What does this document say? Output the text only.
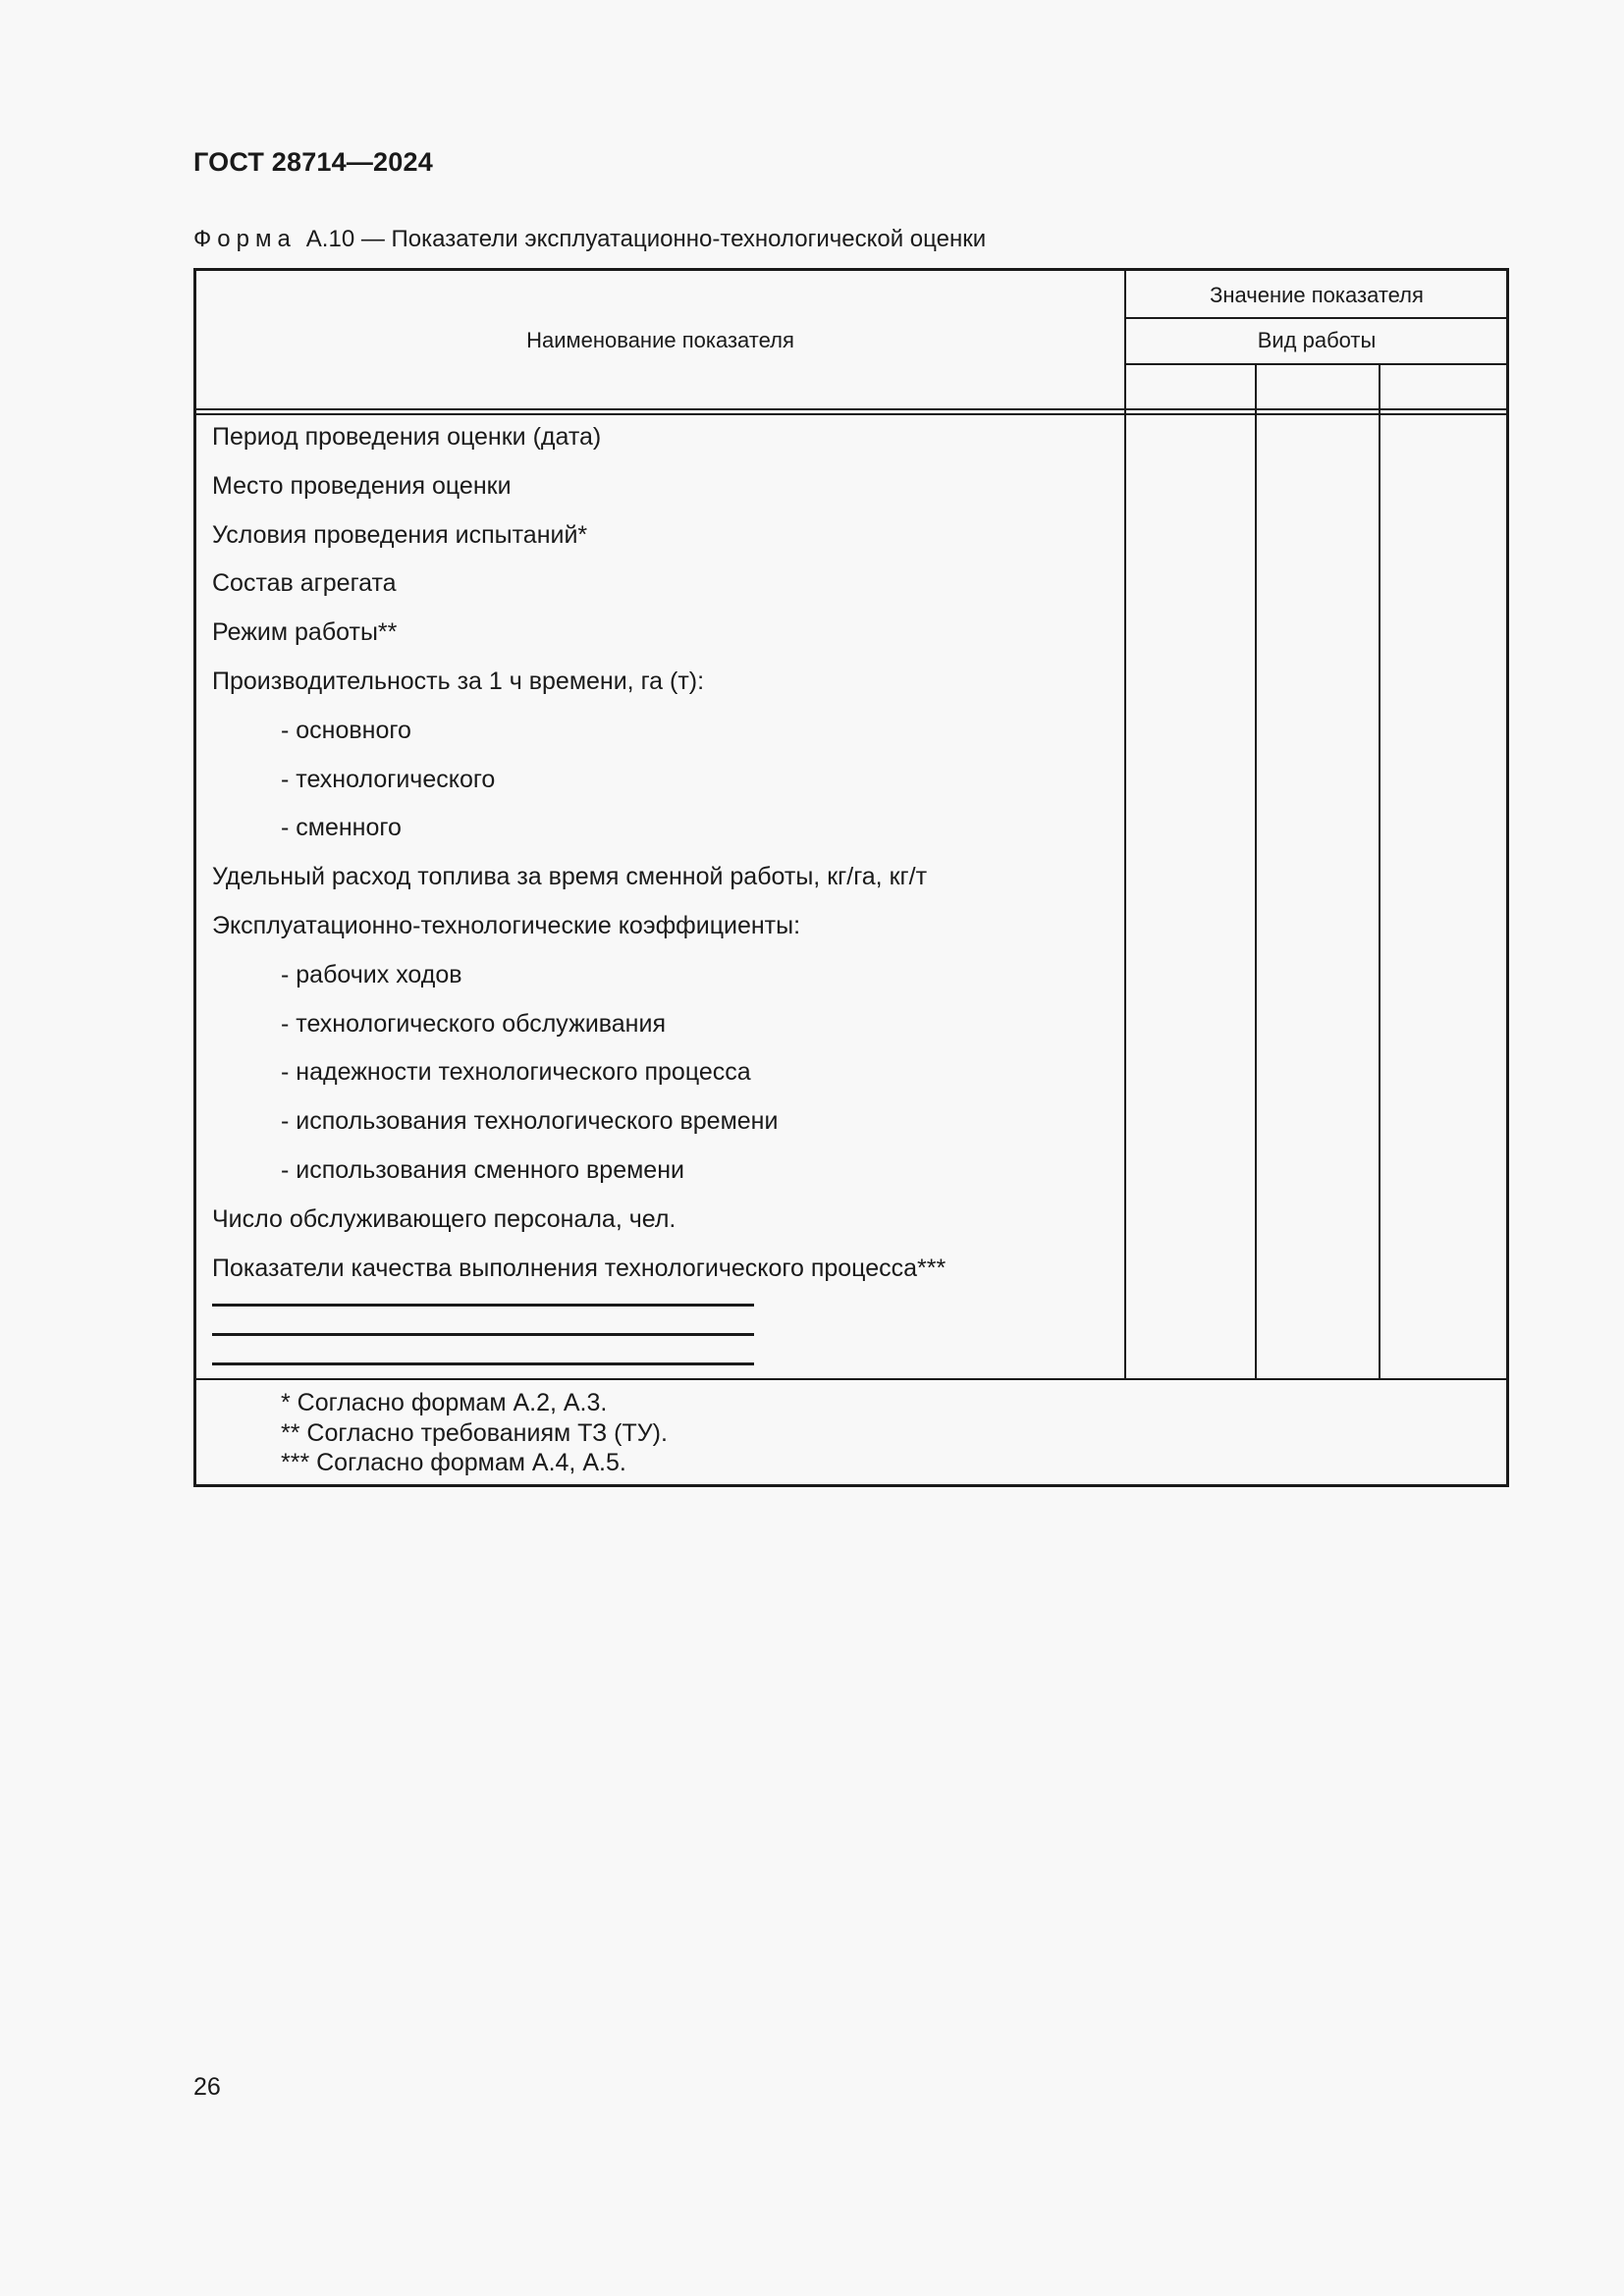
ГОСТ 28714—2024
Форма А.10 — Показатели эксплуатационно-технологической оценки
Наименование показателя
Значение показателя
Вид работы
Период проведения оценки (дата)
Место проведения оценки
Условия проведения испытаний*
Состав агрегата
Режим работы**
Производительность за 1 ч времени, га (т):
- основного
- технологического
- сменного
Удельный расход топлива за время сменной работы, кг/га, кг/т
Эксплуатационно-технологические коэффициенты:
- рабочих ходов
- технологического обслуживания
- надежности технологического процесса
- использования технологического времени
- использования сменного времени
Число обслуживающего персонала, чел.
Показатели качества выполнения технологического процесса***
* Согласно формам А.2, А.3.
** Согласно требованиям ТЗ (ТУ).
*** Согласно формам А.4, А.5.
26
